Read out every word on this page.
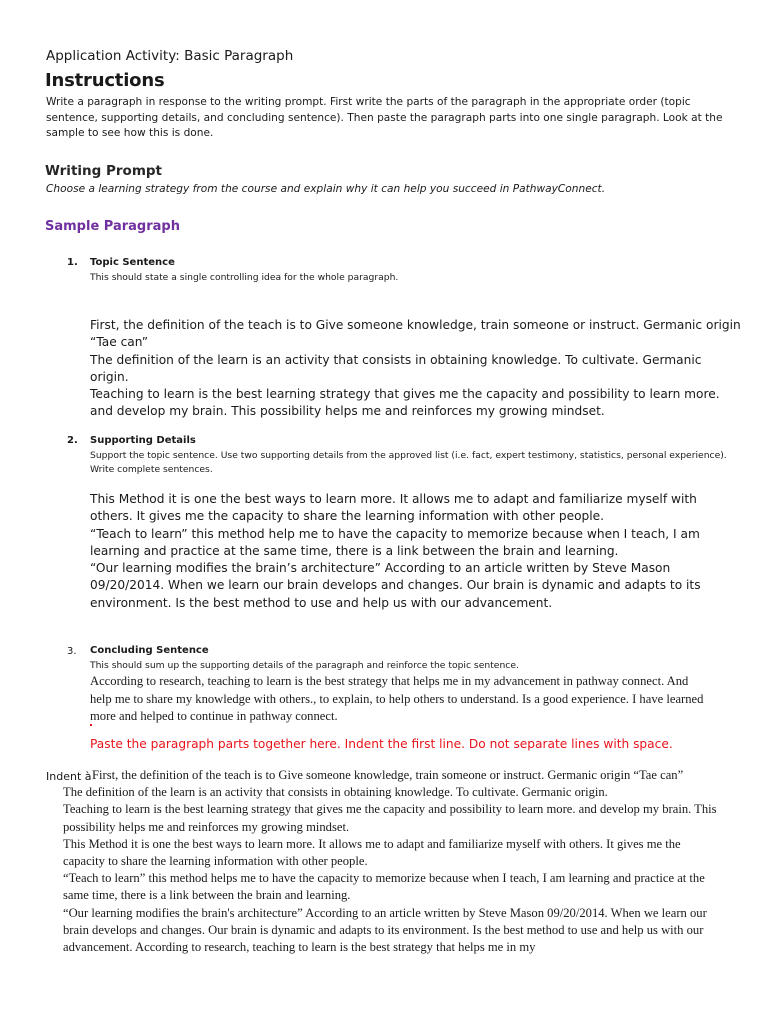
Application Activity: Basic Paragraph
Instructions
Write a paragraph in response to the writing prompt. First write the parts of the paragraph in the appropriate order (topic sentence, supporting details, and concluding sentence). Then paste the paragraph parts into one single paragraph. Look at the sample to see how this is done.
Writing Prompt
Choose a learning strategy from the course and explain why it can help you succeed in PathwayConnect.
Sample Paragraph
1. Topic Sentence
This should state a single controlling idea for the whole paragraph.

First, the definition of the teach is to Give someone knowledge, train someone or instruct. Germanic origin “Tae can”

The definition of the learn is an activity that consists in obtaining knowledge. To cultivate. Germanic origin.

Teaching to learn is the best learning strategy that gives me the capacity and possibility to learn more. and develop my brain. This possibility helps me and reinforces my growing mindset.

2. Supporting Details
Support the topic sentence. Use two supporting details from the approved list (i.e. fact, expert testimony, statistics, personal experience). Write complete sentences.

This Method it is one the best ways to learn more. It allows me to adapt and familiarize myself with others. It gives me the capacity to share the learning information with other people.

“Teach to learn” this method help me to have the capacity to memorize because when I teach, I am learning and practice at the same time, there is a link between the brain and learning.

“Our learning modifies the brain’s architecture” According to an article written by Steve Mason 09/20/2014. When we learn our brain develops and changes. Our brain is dynamic and adapts to its environment. Is the best method to use and help us with our advancement.

3. Concluding Sentence
This should sum up the supporting details of the paragraph and reinforce the topic sentence.

According to research, teaching to learn is the best strategy that helps me in my advancement in pathway connect. And help me to share my knowledge with others., to explain, to help others to understand. Is a good experience. I have learned more and helped to continue in pathway connect.

Paste the paragraph parts together here. Indent the first line. Do not separate lines with space.
Indent à First, the definition of the teach is to Give someone knowledge, train someone or instruct. Germanic origin “Tae can”

The definition of the learn is an activity that consists in obtaining knowledge. To cultivate. Germanic origin.

Teaching to learn is the best learning strategy that gives me the capacity and possibility to learn more. and develop my brain. This possibility helps me and reinforces my growing mindset.

This Method it is one the best ways to learn more. It allows me to adapt and familiarize myself with others. It gives me the capacity to share the learning information with other people.

“Teach to learn” this method helps me to have the capacity to memorize because when I teach, I am learning and practice at the same time, there is a link between the brain and learning.

“Our learning modifies the brain's architecture” According to an article written by Steve Mason 09/20/2014. When we learn our brain develops and changes. Our brain is dynamic and adapts to its environment. Is the best method to use and help us with our advancement. According to research, teaching to learn is the best strategy that helps me in my
